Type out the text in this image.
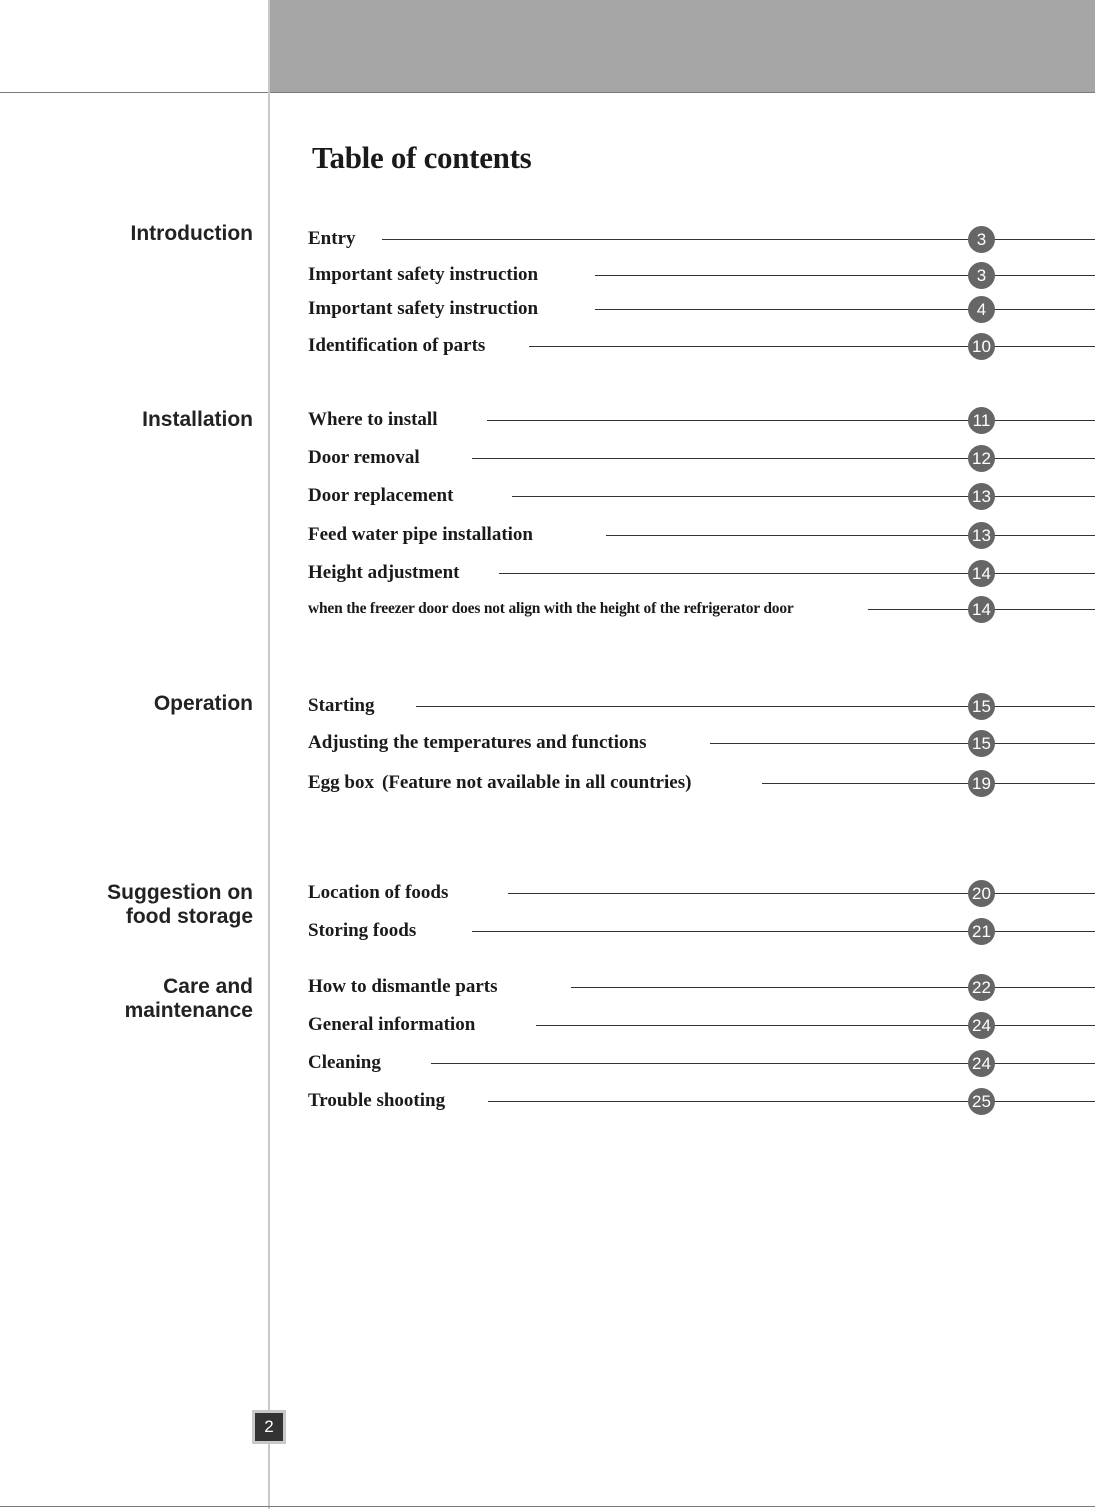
Table of contents
Introduction
Installation
Operation
Suggestion on
food storage
Care and
maintenance
Entry	3
Important safety instruction	3
Important safety instruction	4
Identification of parts	10
Where to install	11
Door removal	12
Door replacement	13
Feed water pipe installation	13
Height adjustment	14
when the freezer door does not align with the height of the refrigerator door	14
Starting	15
Adjusting the temperatures and functions	15
Egg box (Feature not available in all countries)	19
Location of foods	20
Storing foods	21
How to dismantle parts	22
General information	24
Cleaning	24
Trouble shooting	25
2
